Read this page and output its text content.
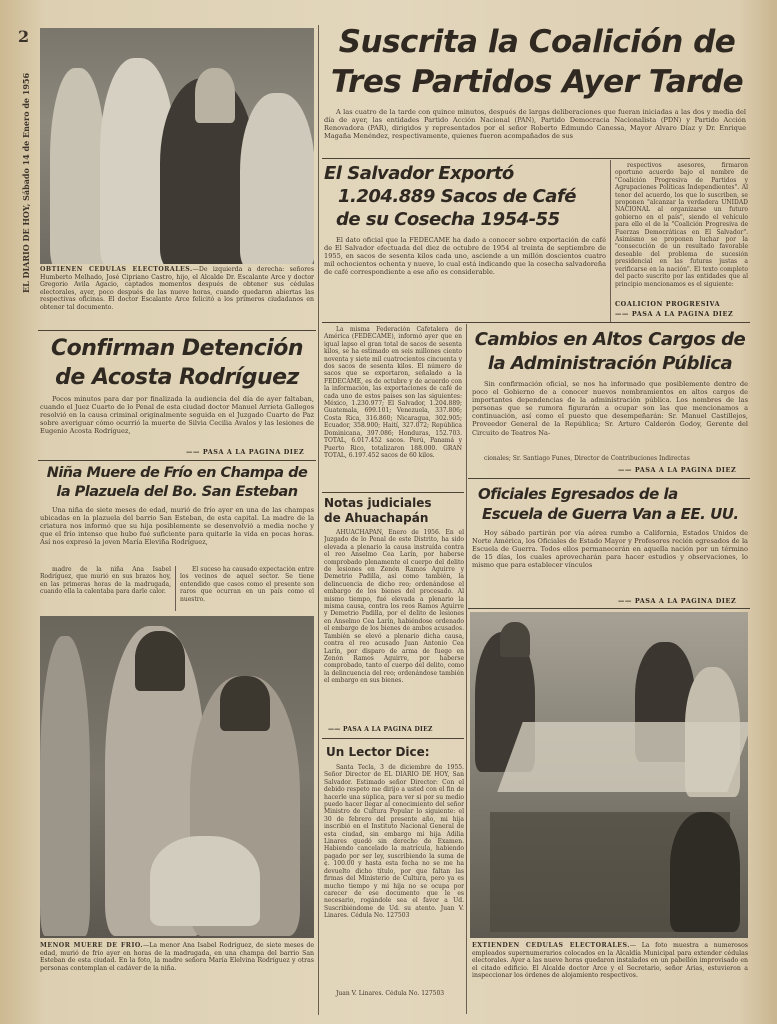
2
EL DIARIO DE HOY, Sábado 14 de Enero de 1956 OBTIENEN CEDULAS ELECTORALES.—De izquierda a derecha: señores Humberto Melhado, José Cipriano Castro, hijo, el Alcalde Dr. Escalante Arce y doctor Gregorio Avila Agacio, captados momentos después de obtener sus cédulas electorales, ayer, poco después de las nueve horas, cuando quedaron abiertas las respectivas oficinas. El doctor Escalante Arce felicitó a los primeros ciudadanos en obtener tal documento.
Suscrita la Coalición de
Tres Partidos Ayer Tarde

A las cuatro de la tarde con quince minutos, después de largas deliberaciones que fueran iniciadas a las dos y media del día de ayer, las entidades Partido Acción Nacional (PAN), Partido Democracia Nacionalista (PDN) y Partido Acción Renovadora (PAR), dirigidos y representados por el señor Roberto Edmundo Canessa, Mayor Alvaro Díaz y Dr. Enrique Magaña Menéndez, respectivamente, quienes fueron acompañados de sus

respectivos asesores, firmaron oportuno acuerdo bajo el nombre de "Coalición Progresiva de Partidos y Agrupaciones Políticas Independientes". Al tenor del acuerdo, los que lo suscriben, se proponen "alcanzar la verdadera UNIDAD NACIONAL al organizarse un futuro gobierno en el país", siendo el vehículo para ello el de la "Coalición Progresiva de Fuerzas Democráticas en El Salvador". Asimismo se proponen luchar por la "consecución de un resultado favorable deseable del problema de sucesión presidencial en las futuras justas a verificarse en la nación". El texto completo del pacto suscrito por las entidades que al principio mencionamos es el siguiente:

COALICION PROGRESIVA
—— PASA A LA PAGINA DIEZ
El Salvador Exportó
1.204.889 Sacos de Café
de su Cosecha 1954-55

El dato oficial que la FEDECAME ha dado a conocer sobre exportación de café de El Salvador efectuada del diez de octubre de 1954 al treinta de septiembre de 1955, en sacos de sesenta kilos cada uno, asciende a un millón doscientos cuatro mil ochocientos ochenta y nueve, lo cual está indicando que la cosecha salvadoreña de café correspondiente a ese año es considerable.

La misma Federación Cafetalera de América (FEDECAME), informó ayer que en igual lapso el gran total de sacos de sesenta kilos, se ha estimado en seis millones ciento noventa y siete mil cuatrocientos cincuenta y dos sacos de sesenta kilos. El número de sacos que se exportaron, señalado a la FEDECAME, es de octubre y de acuerdo con la información, las exportaciones de café de cada uno de estos países son las siguientes: México, 1.230.977; El Salvador, 1.204.889; Guatemala, 699.101; Venezuela, 337.806; Costa Rica, 316.860; Nicaragua, 302.905; Ecuador, 358.900; Haití, 327.072; República Dominicana, 397.086; Honduras, 152.703. TOTAL, 6.017.452 sacos. Perú, Panamá y Puerto Rico, totalizaron 188.000. GRAN TOTAL, 6.197.452 sacos de 60 kilos.

Confirman Detención
de Acosta Rodríguez

Pocos minutos para dar por finalizada la audiencia del día de ayer faltaban, cuando el Juez Cuarto de lo Penal de esta ciudad doctor Manuel Arrieta Gallegos resolvió en la causa criminal originalmente seguida en el Juzgado Cuarto de Paz sobre averiguar cómo ocurrió la muerte de Silvia Cecilia Avalos y las lesiones de Eugenio Acosta Rodríguez,

—— PASA A LA PAGINA DIEZ
Cambios en Altos Cargos de
la Administración Pública

Sin confirmación oficial, se nos ha informado que posiblemente dentro de poco el Gobierno de a conocer nuevos nombramientos en altos cargos de importantes dependencias de la administración pública. Los nombres de las personas que se rumora figurarán a ocupar son las que mencionamos a continuación, así como el puesto que desempeñarán: Sr. Manuel Castillejos, Proveedor General de la República; Sr. Arturo Calderón Godoy, Gerente del Circuito de Teatros Na-

cionales; Sr. Santiago Funes, Director de Contribuciones Indirectas

—— PASA A LA PAGINA DIEZ
Niña Muere de Frío en Champa de
la Plazuela del Bo. San Esteban

Una niña de siete meses de edad, murió de frío ayer en una de las champas ubicadas en la plazuela del barrio San Esteban, de esta capital. La madre de la criatura nos informó que su hija posiblemente se desenvolvió a media noche y que el frío intenso que hubo fué suficiente para quitarle la vida en pocas horas. Así nos expresó la joven María Eleviña Rodríguez,

madre de la niña Ana Isabel Rodríguez, que murió en sus brazos hoy, en las primeras horas de la madrugada, cuando ella la calentaba para darle calor.

El suceso ha causado expectación entre los vecinos de aquel sector. Se tiene entendido que casos como el presente son raros que ocurran en un país como el nuestro.

MENOR MUERE DE FRIO.—La menor Ana Isabel Rodríguez, de siete meses de edad, murió de frío ayer en horas de la madrugada, en una champa del barrio San Esteban de esta ciudad. En la foto, la madre señora María Elelvina Rodríguez y otras personas contemplan el cadáver de la niña.
Notas judiciales
de Ahuachapán

AHUACHAPAN, Enero de 1956. En el Juzgado de lo Penal de este Distrito, ha sido elevada a plenario la causa instruída contra el reo Anselmo Cea Larín, por haberse comprobado plenamente el cuerpo del delito de lesiones en Zenón Ramos Aguirre y Demetrio Padilla, así como también, la delincuencia de dicho reo; ordenándose el embargo de los bienes del procesado. Al mismo tiempo, fué elevada a plenario la misma causa, contra los reos Ramos Aguirre y Demetrio Padilla, por el delito de lesiones en Anselmo Cea Larín, habiéndose ordenado el embargo de los bienes de ambos acusados. También se elevó a plenario dicha causa, contra el reo acusado Juan Antonio Cea Larín, por disparo de arma de fuego en Zenón Ramos Aguirre, por haberse comprobado, tanto el cuerpo del delito, como la delincuencia del reo; ordenándose también el embargo en sus bienes.

—— PASA A LA PAGINA DIEZ
Un Lector Dice:

Santa Tecla, 3 de diciembre de 1955. Señor Director de EL DIARIO DE HOY, San Salvador. Estimado señor Director: Con el debido respeto me dirijo a usted con el fin de hacerle una súplica, para ver si por su medio puedo hacer llegar al conocimiento del señor Ministro de Cultura Popular lo siguiente: el 30 de febrero del presente año, mi hija inscribió en el Instituto Nacional General de esta ciudad, sin embargo mi hija Adilia Linares quedó sin derecho de Examen. Habiendo cancelado la matrícula, habiendo pagado por ser ley, suscribiendo la suma de ¢. 100.00 y hasta esta fecha no se me ha devuelto dicho título, por que faltan las firmas del Ministerio de Cultura, pero ya es mucho tiempo y mi hija no se ocupa por carecer de ese documento que le es necesario, rogándole sea el favor a Ud. Suscribiéndome de Ud. su atento. Juan V. Linares. Cédula No. 127503

Juan V. Linares. Cédula No. 127503

Oficiales Egresados de la
Escuela de Guerra Van a EE. UU.

Hoy sábado partirán por vía aérea rumbo a California, Estados Unidos de Norte América, los Oficiales de Estado Mayor y Profesores recién egresados de la Escuela de Guerra. Todos ellos permanecerán en aquella nación por un término de 15 días, los cuales aprovecharán para hacer estudios y observaciones, lo mismo que para establecer vínculos

—— PASA A LA PAGINA DIEZ
EXTIENDEN CEDULAS ELECTORALES.— La foto muestra a numerosos empleados supernumerarios colocados en la Alcaldía Municipal para extender cédulas electorales. Ayer a las nueve horas quedaron instalados en un pabellón improvisado en el citado edificio. El Alcalde doctor Arce y el Secretario, señor Arias, estuvieron a inspeccionar los órdenes de alojamiento respectivos.
